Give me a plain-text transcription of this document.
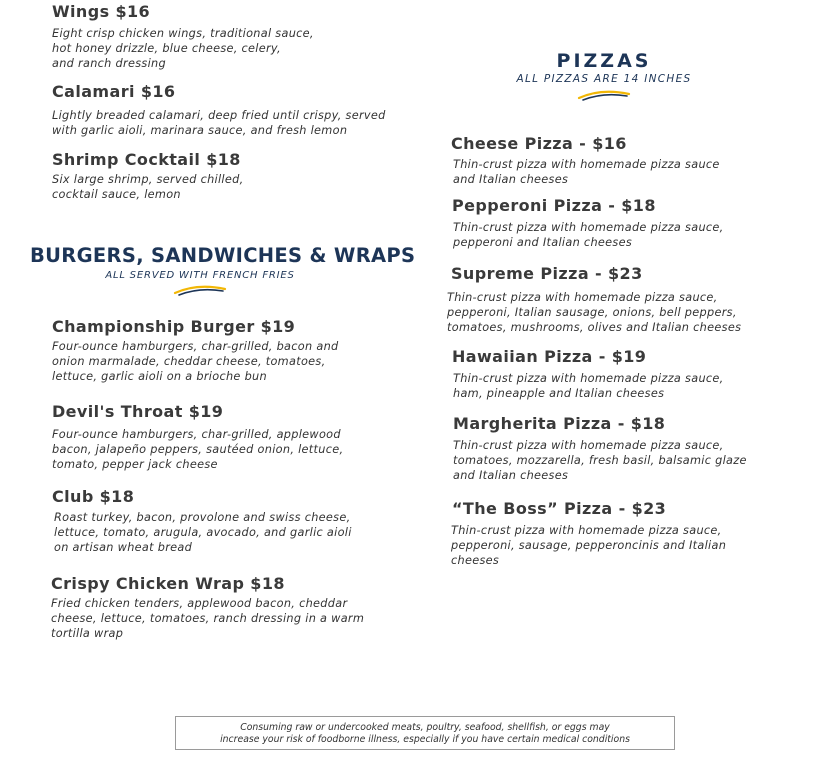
Wings $16

Eight crisp chicken wings, traditional sauce,

hot honey drizzle, blue cheese, celery,

and ranch dressing

Calamari $16

Lightly breaded calamari, deep fried until crispy, served

with garlic aioli, marinara sauce, and fresh lemon

Shrimp Cocktail $18

Six large shrimp, served chilled,

cocktail sauce, lemon

BURGERS, SANDWICHES & WRAPS

ALL SERVED WITH FRENCH FRIES

Championship Burger $19

Four-ounce hamburgers, char-grilled, bacon and

onion marmalade, cheddar cheese, tomatoes,

lettuce, garlic aioli on a brioche bun

Devil's Throat $19

Four-ounce hamburgers, char-grilled, applewood

bacon, jalapeño peppers, sautéed onion, lettuce,

tomato, pepper jack cheese

Club $18

Roast turkey, bacon, provolone and swiss cheese,

lettuce, tomato, arugula, avocado, and garlic aioli

on artisan wheat bread

Crispy Chicken Wrap $18

Fried chicken tenders, applewood bacon, cheddar

cheese, lettuce, tomatoes, ranch dressing in a warm

tortilla wrap

PIZZAS

ALL PIZZAS ARE 14 INCHES

Cheese Pizza - $16

Thin-crust pizza with homemade pizza sauce

and Italian cheeses

Pepperoni Pizza - $18

Thin-crust pizza with homemade pizza sauce,

pepperoni and Italian cheeses

Supreme Pizza - $23

Thin-crust pizza with homemade pizza sauce,

pepperoni, Italian sausage, onions, bell peppers,

tomatoes, mushrooms, olives and Italian cheeses

Hawaiian Pizza - $19

Thin-crust pizza with homemade pizza sauce,

ham, pineapple and Italian cheeses

Margherita Pizza - $18

Thin-crust pizza with homemade pizza sauce,

tomatoes, mozzarella, fresh basil, balsamic glaze

and Italian cheeses

“The Boss” Pizza - $23

Thin-crust pizza with homemade pizza sauce,

pepperoni, sausage, pepperoncinis and Italian

cheeses

Consuming raw or undercooked meats, poultry, seafood, shellfish, or eggs may
increase your risk of foodborne illness, especially if you have certain medical conditions
